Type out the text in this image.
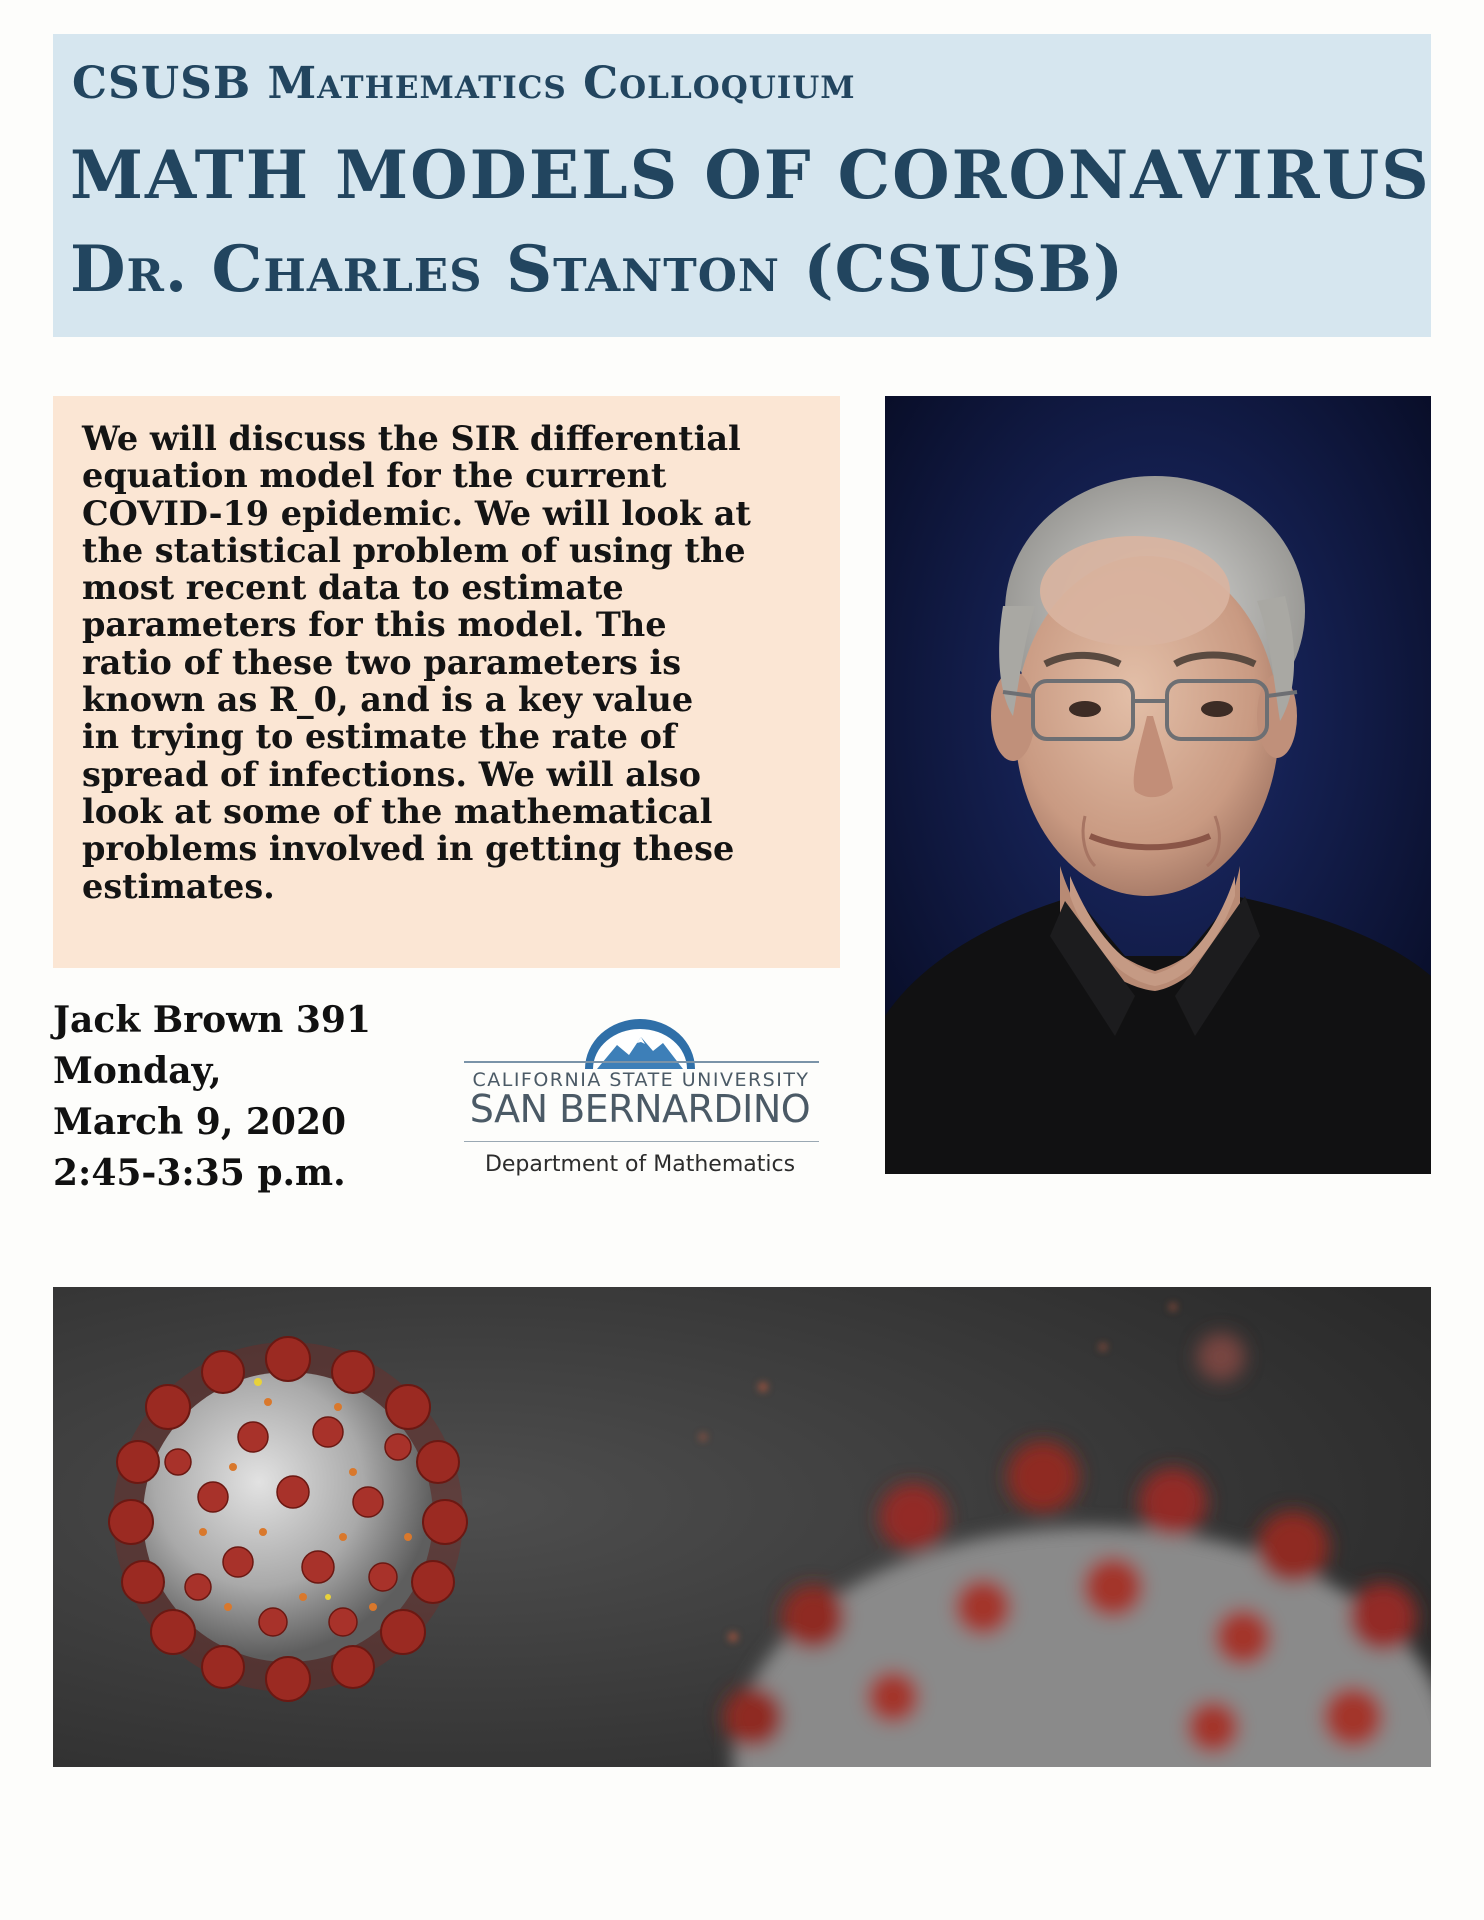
CSUSB Mathematics Colloquium
MATH MODELS OF CORONAVIRUS
Dr. Charles Stanton (CSUSB)

We will discuss the SIR differential
equation model for the current
COVID-19 epidemic. We will look at
the statistical problem of using the
most recent data to estimate
parameters for this model. The
ratio of these two parameters is
known as R_0, and is a key value
in trying to estimate the rate of
spread of infections. We will also
look at some of the mathematical
problems involved in getting these
estimates.

Jack Brown 391
Monday,
March 9, 2020
2:45-3:35 p.m.
CALIFORNIA STATE UNIVERSITY
SAN BERNARDINO
Department of Mathematics
